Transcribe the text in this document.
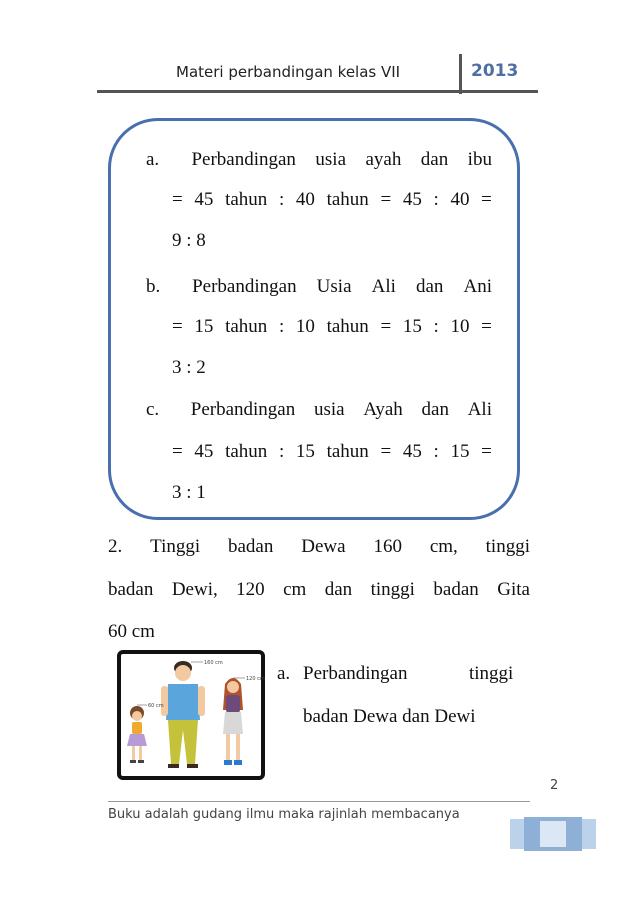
Materi perbandingan kelas VII	2013
a.	Perbandingan usia ayah dan ibu
= 45 tahun : 40 tahun = 45 : 40 =
9 : 8
b.	Perbandingan Usia Ali dan Ani
= 15 tahun : 10 tahun = 15 : 10 =
3 : 2
c.	Perbandingan usia Ayah dan Ali
= 45 tahun : 15 tahun = 45 : 15 =
3 : 1
2. Tinggi badan Dewa 160 cm, tinggi
badan Dewi, 120 cm dan tinggi badan Gita
60 cm
160 cm
120 cm
60 cm
a. Perbandingan	tinggi
badan Dewa dan Dewi
2
Buku adalah gudang ilmu maka rajinlah membacanya
